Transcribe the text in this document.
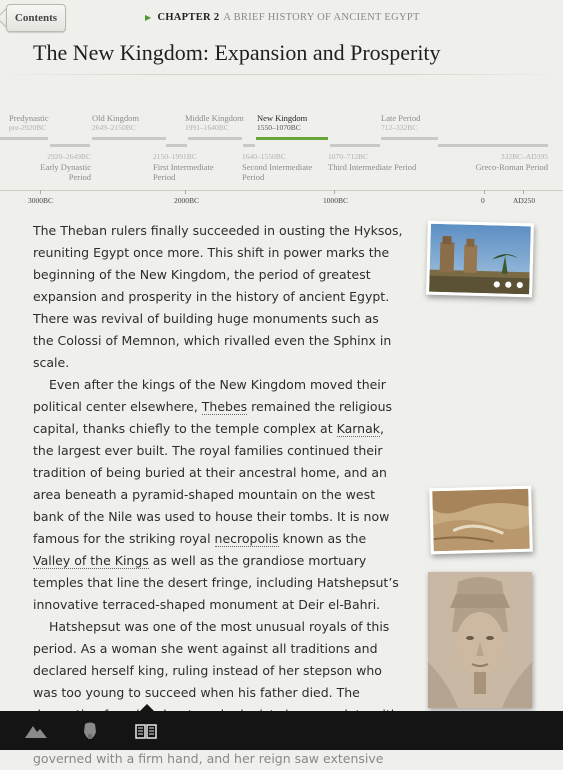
Contents	▶ CHAPTER 2 A BRIEF HISTORY OF ANCIENT EGYPT
The New Kingdom: Expansion and Prosperity
Predynastic
pre-2920BC
Old Kingdom
2649–2150BC
Middle Kingdom
1991–1640BC
New Kingdom
1550–1070BC
Late Period
712–332BC
2920–2649BC
Early Dynastic
Period
2150–1991BC
First Intermediate
Period
1640–1550BC
Second Intermediate
Period
1070–712BC
Third Intermediate Period
332BC–AD395
Greco-Roman Period
3000BC	2000BC	1000BC	0	AD250

The Theban rulers finally succeeded in ousting the Hyksos, reuniting Egypt once more. This shift in power marks the beginning of the New Kingdom, the period of greatest expansion and prosperity in the history of ancient Egypt. There was revival of building huge monuments such as the Colossi of Memnon, which rivalled even the Sphinx in scale.

Even after the kings of the New Kingdom moved their political center elsewhere, Thebes remained the religious capital, thanks chiefly to the temple complex at Karnak, the largest ever built. The royal families continued their tradition of being buried at their ancestral home, and an area beneath a pyramid-shaped mountain on the west bank of the Nile was used to house their tombs. It is now famous for the striking royal necropolis known as the Valley of the Kings as well as the grandiose mortuary temples that line the desert fringe, including Hatshepsut’s innovative terraced-shaped monument at Deir el-Bahri.

Hatshepsut was one of the most unusual royals of this period. As a woman she went against all traditions and declared herself king, ruling instead of her stepson who was too young to succeed when his father died. The governed with a firm hand, and her reign saw extensive

● ● ●
